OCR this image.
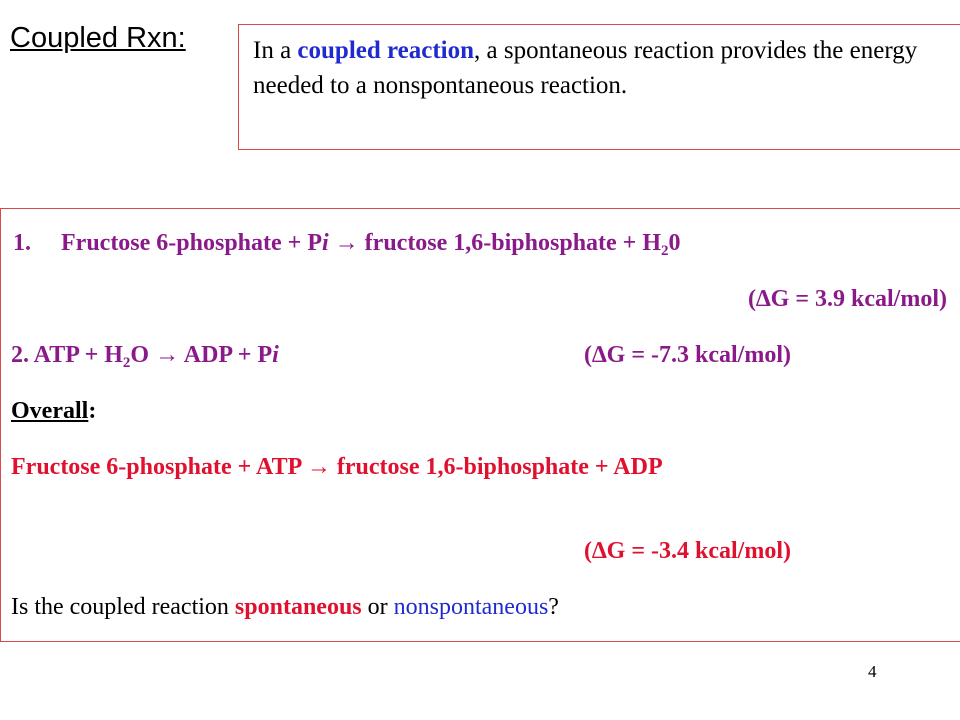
Coupled Rxn:	In a coupled reaction, a spontaneous reaction provides the energy needed to a nonspontaneous reaction.
1. Fructose 6-phosphate + Pi → fructose 1,6-biphosphate + $H_20$
(∆G = 3.9 kcal/mol)
2. ATP + $H_2O$ → ADP + Pi	(∆G = -7.3 kcal/mol)
Overall:
Fructose 6-phosphate + ATP → fructose 1,6-biphosphate + ADP
(∆G = -3.4 kcal/mol)
Is the coupled reaction spontaneous or nonspontaneous?
4
